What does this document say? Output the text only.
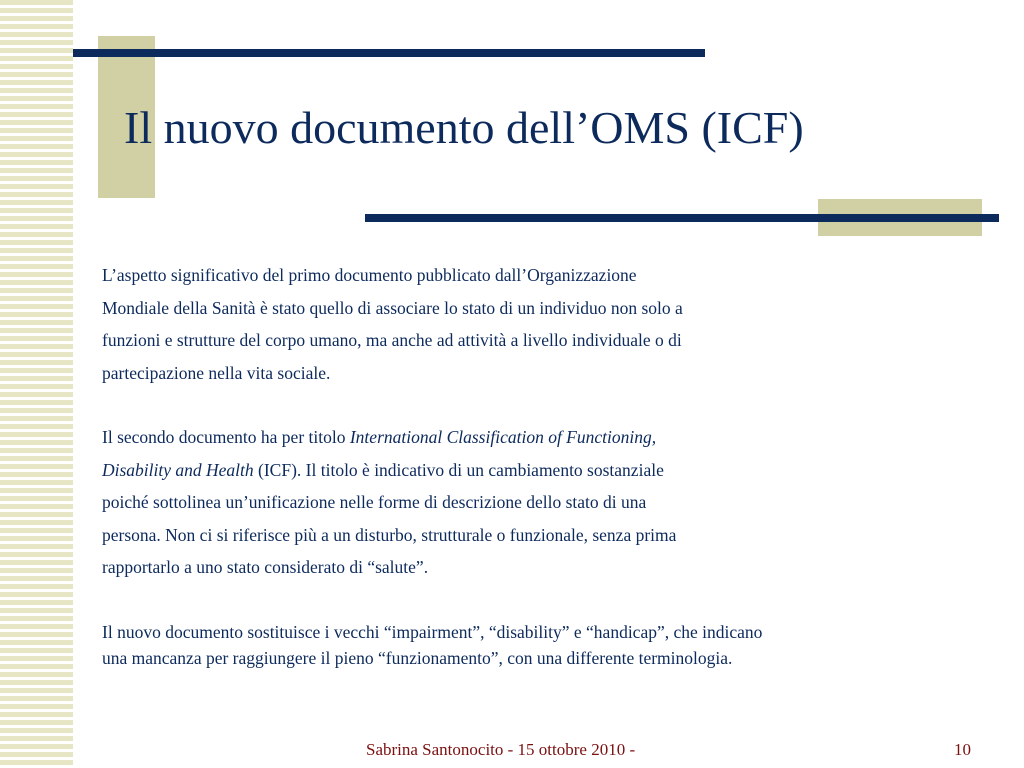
Il nuovo documento dell’OMS (ICF)

L’aspetto significativo del primo documento pubblicato dall’Organizzazione
Mondiale della Sanità è stato quello di associare lo stato di un individuo non solo a
funzioni e strutture del corpo umano, ma anche ad attività a livello individuale o di
partecipazione nella vita sociale.

Il secondo documento ha per titolo International Classification of Functioning,
Disability and Health (ICF). Il titolo è indicativo di un cambiamento sostanziale
poiché sottolinea un’unificazione nelle forme di descrizione dello stato di una
persona. Non ci si riferisce più a un disturbo, strutturale o funzionale, senza prima
rapportarlo a uno stato considerato di “salute”.

Il nuovo documento sostituisce i vecchi “impairment”, “disability” e “handicap”, che indicano
una mancanza per raggiungere il pieno “funzionamento”, con una differente terminologia.

Sabrina Santonocito - 15 ottobre 2010 -	10
